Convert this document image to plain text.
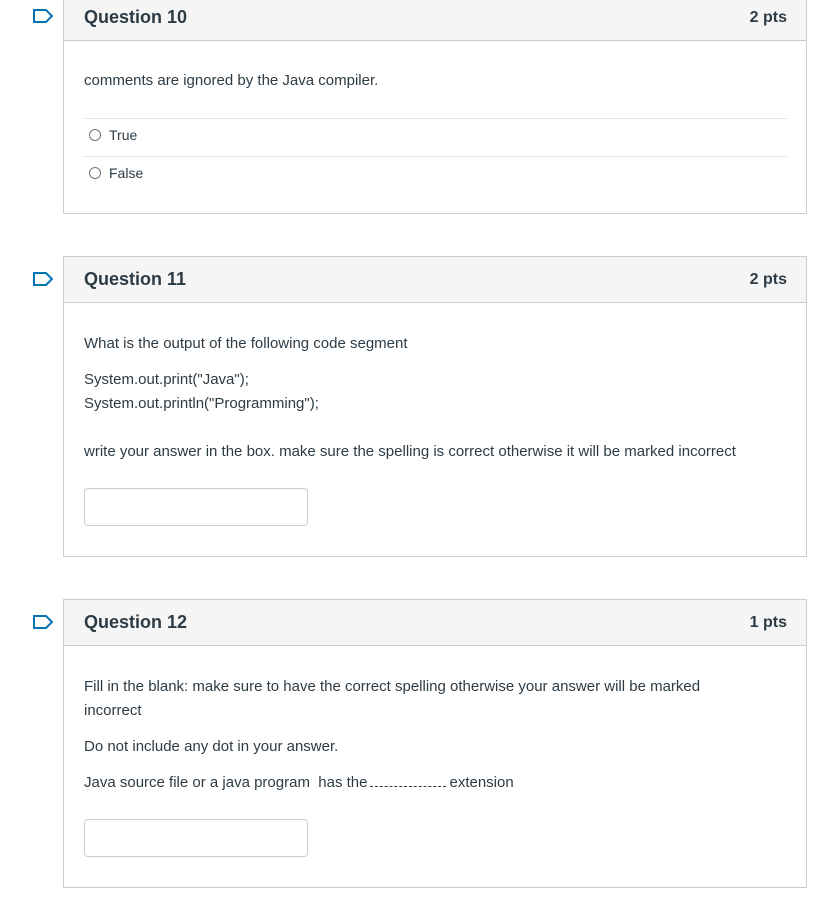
Question 10	2 pts
comments are ignored by the Java compiler.
True
False
Question 11	2 pts
What is the output of the following code segment
System.out.print("Java");
System.out.println("Programming");
write your answer in the box. make sure the spelling is correct otherwise it will be marked incorrect
Question 12	1 pts
Fill in the blank: make sure to have the correct spelling otherwise your answer will be marked incorrect
Do not include any dot in your answer.
Java source file or a java program  has the	extension
